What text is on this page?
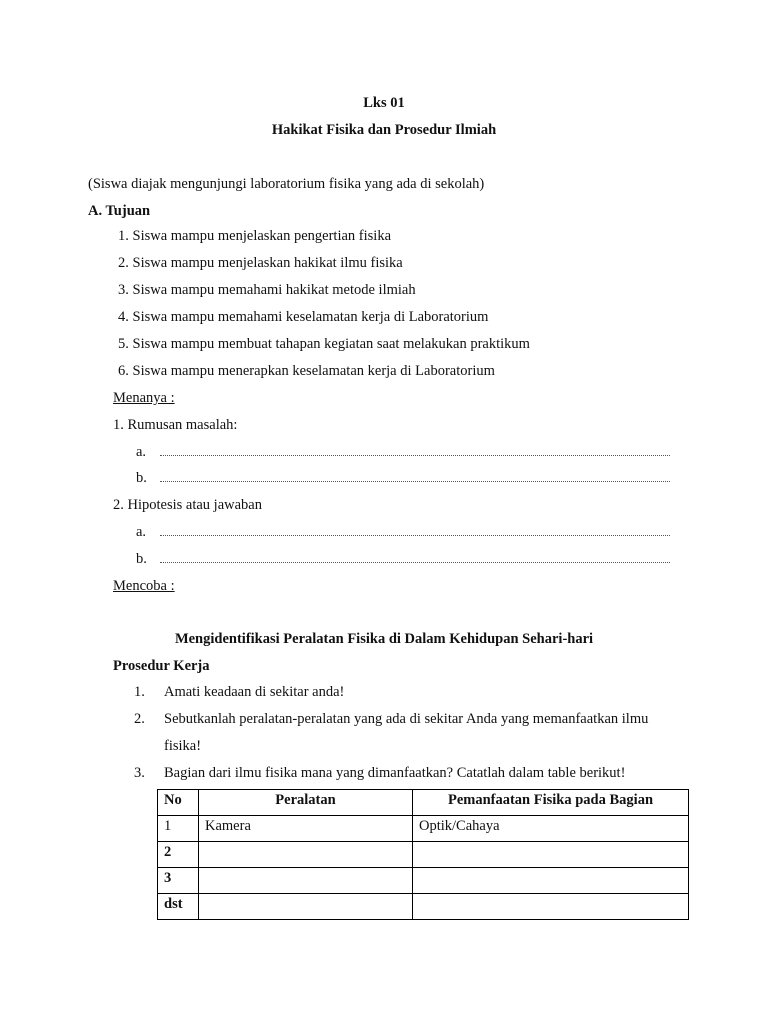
Lks 01
Hakikat Fisika dan Prosedur Ilmiah
(Siswa diajak mengunjungi laboratorium fisika yang ada di sekolah)
A. Tujuan
1. Siswa mampu menjelaskan pengertian fisika
2. Siswa mampu menjelaskan hakikat ilmu fisika
3. Siswa mampu memahami hakikat metode ilmiah
4. Siswa mampu memahami keselamatan kerja di Laboratorium
5. Siswa mampu membuat tahapan kegiatan saat melakukan praktikum
6. Siswa mampu menerapkan keselamatan kerja di Laboratorium
Menanya :
1. Rumusan masalah:
a.
b.
2. Hipotesis atau jawaban
a.
b.
Mencoba :
Mengidentifikasi Peralatan Fisika di Dalam Kehidupan Sehari-hari
Prosedur Kerja
1. Amati keadaan di sekitar anda!
2. Sebutkanlah peralatan-peralatan yang ada di sekitar Anda yang memanfaatkan ilmu
fisika!
3. Bagian dari ilmu fisika mana yang dimanfaatkan? Catatlah dalam table berikut!
No	Peralatan	Pemanfaatan Fisika pada Bagian
1	Kamera	Optik/Cahaya
2		
3		
dst		
